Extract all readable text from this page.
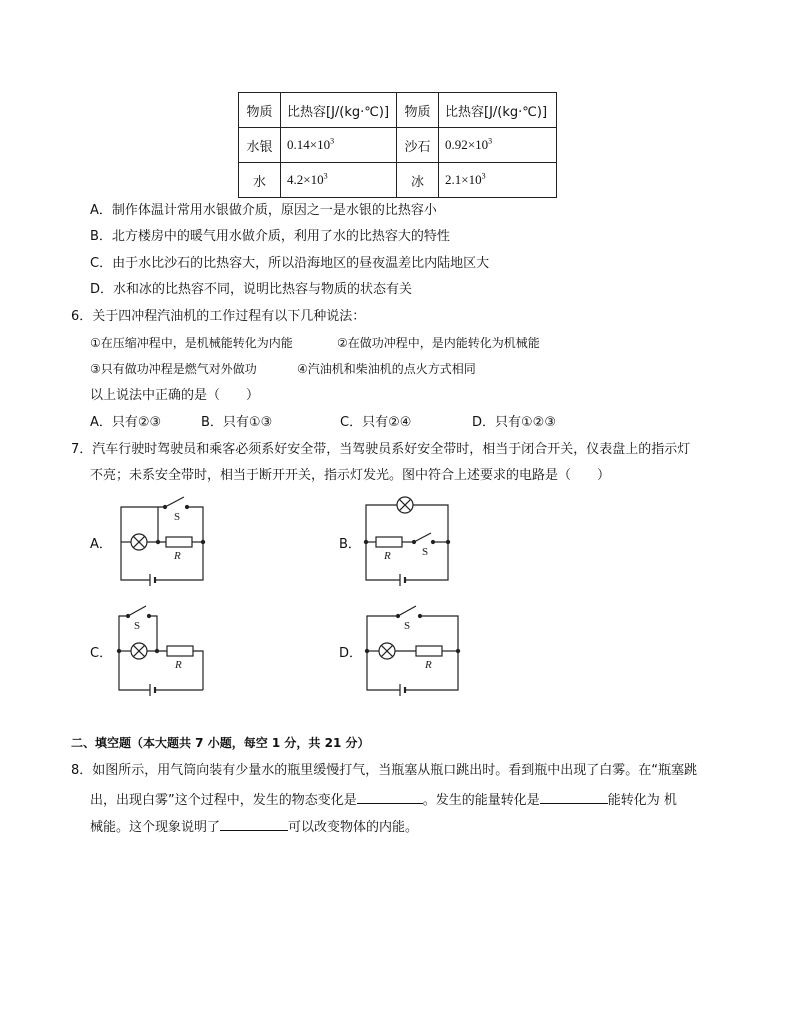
物质	比热容[J/(kg·℃)]	物质	比热容[J/(kg·℃)]
水银	$0.14\times 10^3$	沙石	$0.92\times 10^3$
水	$4.2\times 10^3$	冰	$2.1\times 10^3$
A．制作体温计常用水银做介质，原因之一是水银的比热容小
B．北方楼房中的暖气用水做介质，利用了水的比热容大的特性
C．由于水比沙石的比热容大，所以沿海地区的昼夜温差比内陆地区大
D．水和冰的比热容不同，说明比热容与物质的状态有关
6．关于四冲程汽油机的工作过程有以下几种说法：
①在压缩冲程中，是机械能转化为内能	②在做功冲程中，是内能转化为机械能
③只有做功冲程是燃气对外做功	④汽油机和柴油机的点火方式相同
以上说法中正确的是（　　）
A．只有②③	B．只有①③	C．只有②④	D．只有①②③
7．汽车行驶时驾驶员和乘客必须系好安全带，当驾驶员系好安全带时，相当于闭合开关，仪表盘上的指示灯
不亮；未系安全带时，相当于断开开关，指示灯发光。图中符合上述要求的电路是（　　）
A．	B．
C．	D．
S
R	S
R
S
R
S
R
二、填空题（本大题共 7 小题，每空 1 分，共 21 分）
8．如图所示，用气筒向装有少量水的瓶里缓慢打气，当瓶塞从瓶口跳出时。看到瓶中出现了白雾。在“瓶塞跳
出，出现白雾”这个过程中，发生的物态变化是	。发生的能量转化是	能转化为 机
械能。这个现象说明了	可以改变物体的内能。
